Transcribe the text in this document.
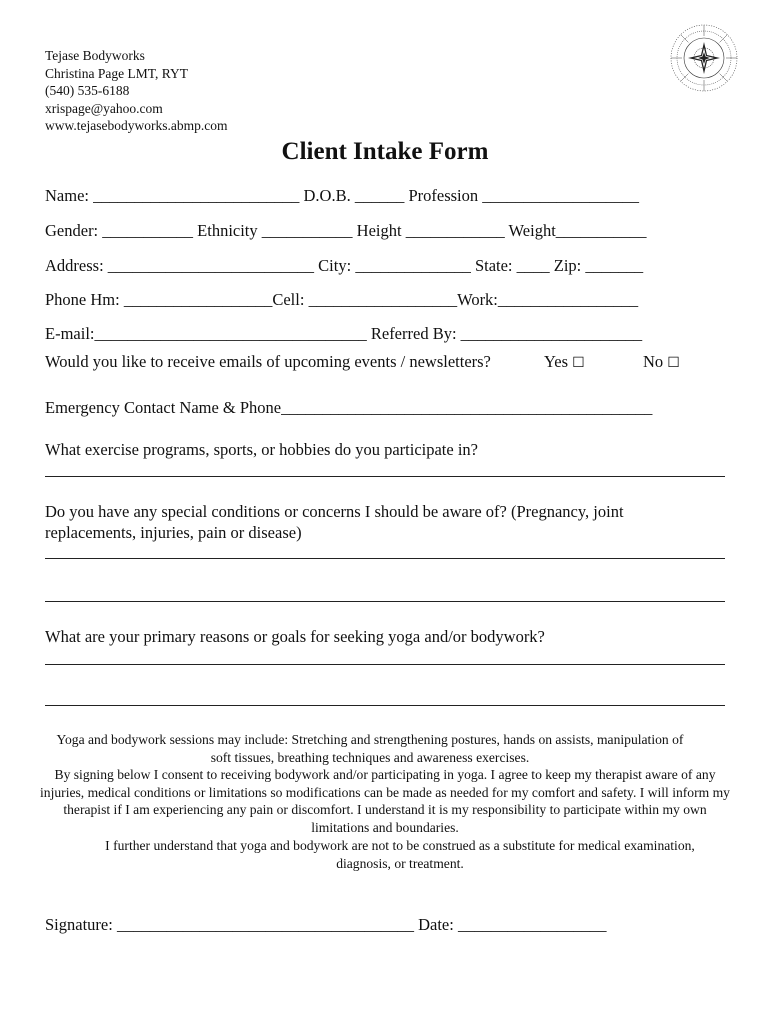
Tejase Bodyworks
Christina Page LMT, RYT
(540) 535-6188
xrispage@yahoo.com
www.tejasebodyworks.abmp.com
Client Intake Form
Name: _________________________ D.O.B. ______ Profession ___________________
Gender: ___________ Ethnicity ___________ Height ____________ Weight___________
Address: _________________________ City: ______________ State: ____ Zip: _______
Phone Hm: __________________Cell: __________________Work:_________________
E-mail:_________________________________ Referred By: ______________________
Would you like to receive emails of upcoming events / newsletters?	Yes ☐	No ☐
Emergency Contact Name & Phone_____________________________________________
What exercise programs, sports, or hobbies do you participate in?
Do you have any special conditions or concerns I should be aware of? (Pregnancy, joint
replacements, injuries, pain or disease)
What are your primary reasons or goals for seeking yoga and/or bodywork?
Yoga and bodywork sessions may include: Stretching and strengthening postures, hands on assists, manipulation of soft tissues, breathing techniques and awareness exercises.
By signing below I consent to receiving bodywork and/or participating in yoga. I agree to keep my therapist aware of any injuries, medical conditions or limitations so modifications can be made as needed for my comfort and safety. I will inform my therapist if I am experiencing any pain or discomfort. I understand it is my responsibility to participate within my own limitations and boundaries.
I further understand that yoga and bodywork are not to be construed as a substitute for medical examination, diagnosis, or treatment.
Signature: ____________________________________ Date: __________________
